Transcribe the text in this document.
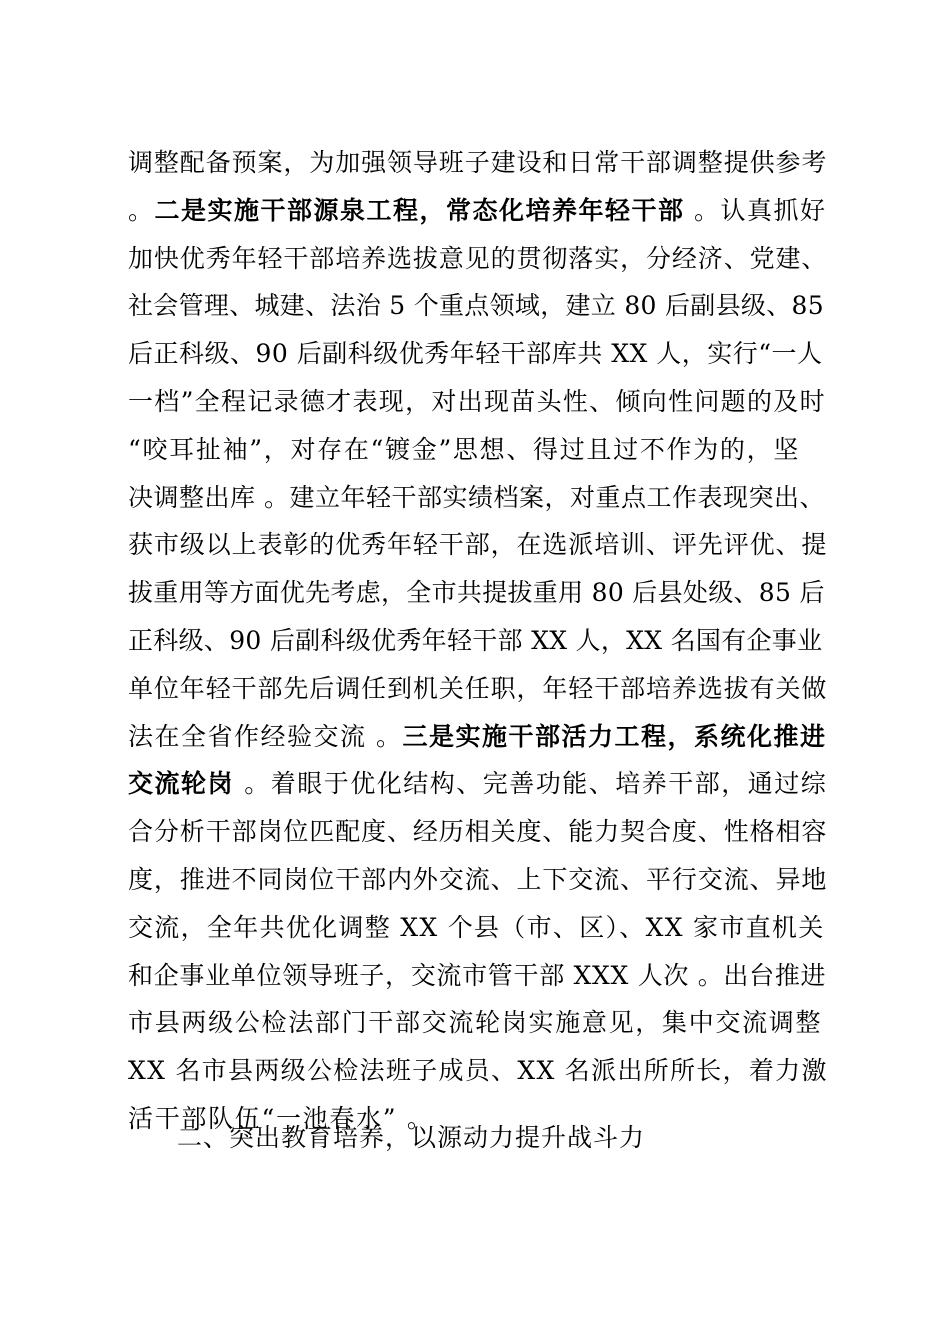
调整配备预案，为加强领导班子建设和日常干部调整提供参考
。二是实施干部源泉工程，常态化培养年轻干部 。认真抓好
加快优秀年轻干部培养选拔意见的贯彻落实，分经济、党建、
社会管理、城建、法治 5 个重点领域，建立 80 后副县级、85
后正科级、90 后副科级优秀年轻干部库共 XX 人，实行“一人
一档”全程记录德才表现，对出现苗头性、倾向性问题的及时
“咬耳扯袖”，对存在“镀金”思想、得过且过不作为的，坚
决调整出库 。建立年轻干部实绩档案，对重点工作表现突出、
获市级以上表彰的优秀年轻干部，在选派培训、评先评优、提
拔重用等方面优先考虑，全市共提拔重用 80 后县处级、85 后
正科级、90 后副科级优秀年轻干部 XX 人，XX 名国有企事业
单位年轻干部先后调任到机关任职，年轻干部培养选拔有关做
法在全省作经验交流 。三是实施干部活力工程，系统化推进
交流轮岗 。着眼于优化结构、完善功能、培养干部，通过综
合分析干部岗位匹配度、经历相关度、能力契合度、性格相容
度，推进不同岗位干部内外交流、上下交流、平行交流、异地
交流，全年共优化调整 XX 个县（市、区）、XX 家市直机关
和企事业单位领导班子，交流市管干部 XXX 人次 。出台推进
市县两级公检法部门干部交流轮岗实施意见，集中交流调整
XX 名市县两级公检法班子成员、XX 名派出所所长，着力激
活干部队伍“一池春水” 。
二、突出教育培养，以源动力提升战斗力
